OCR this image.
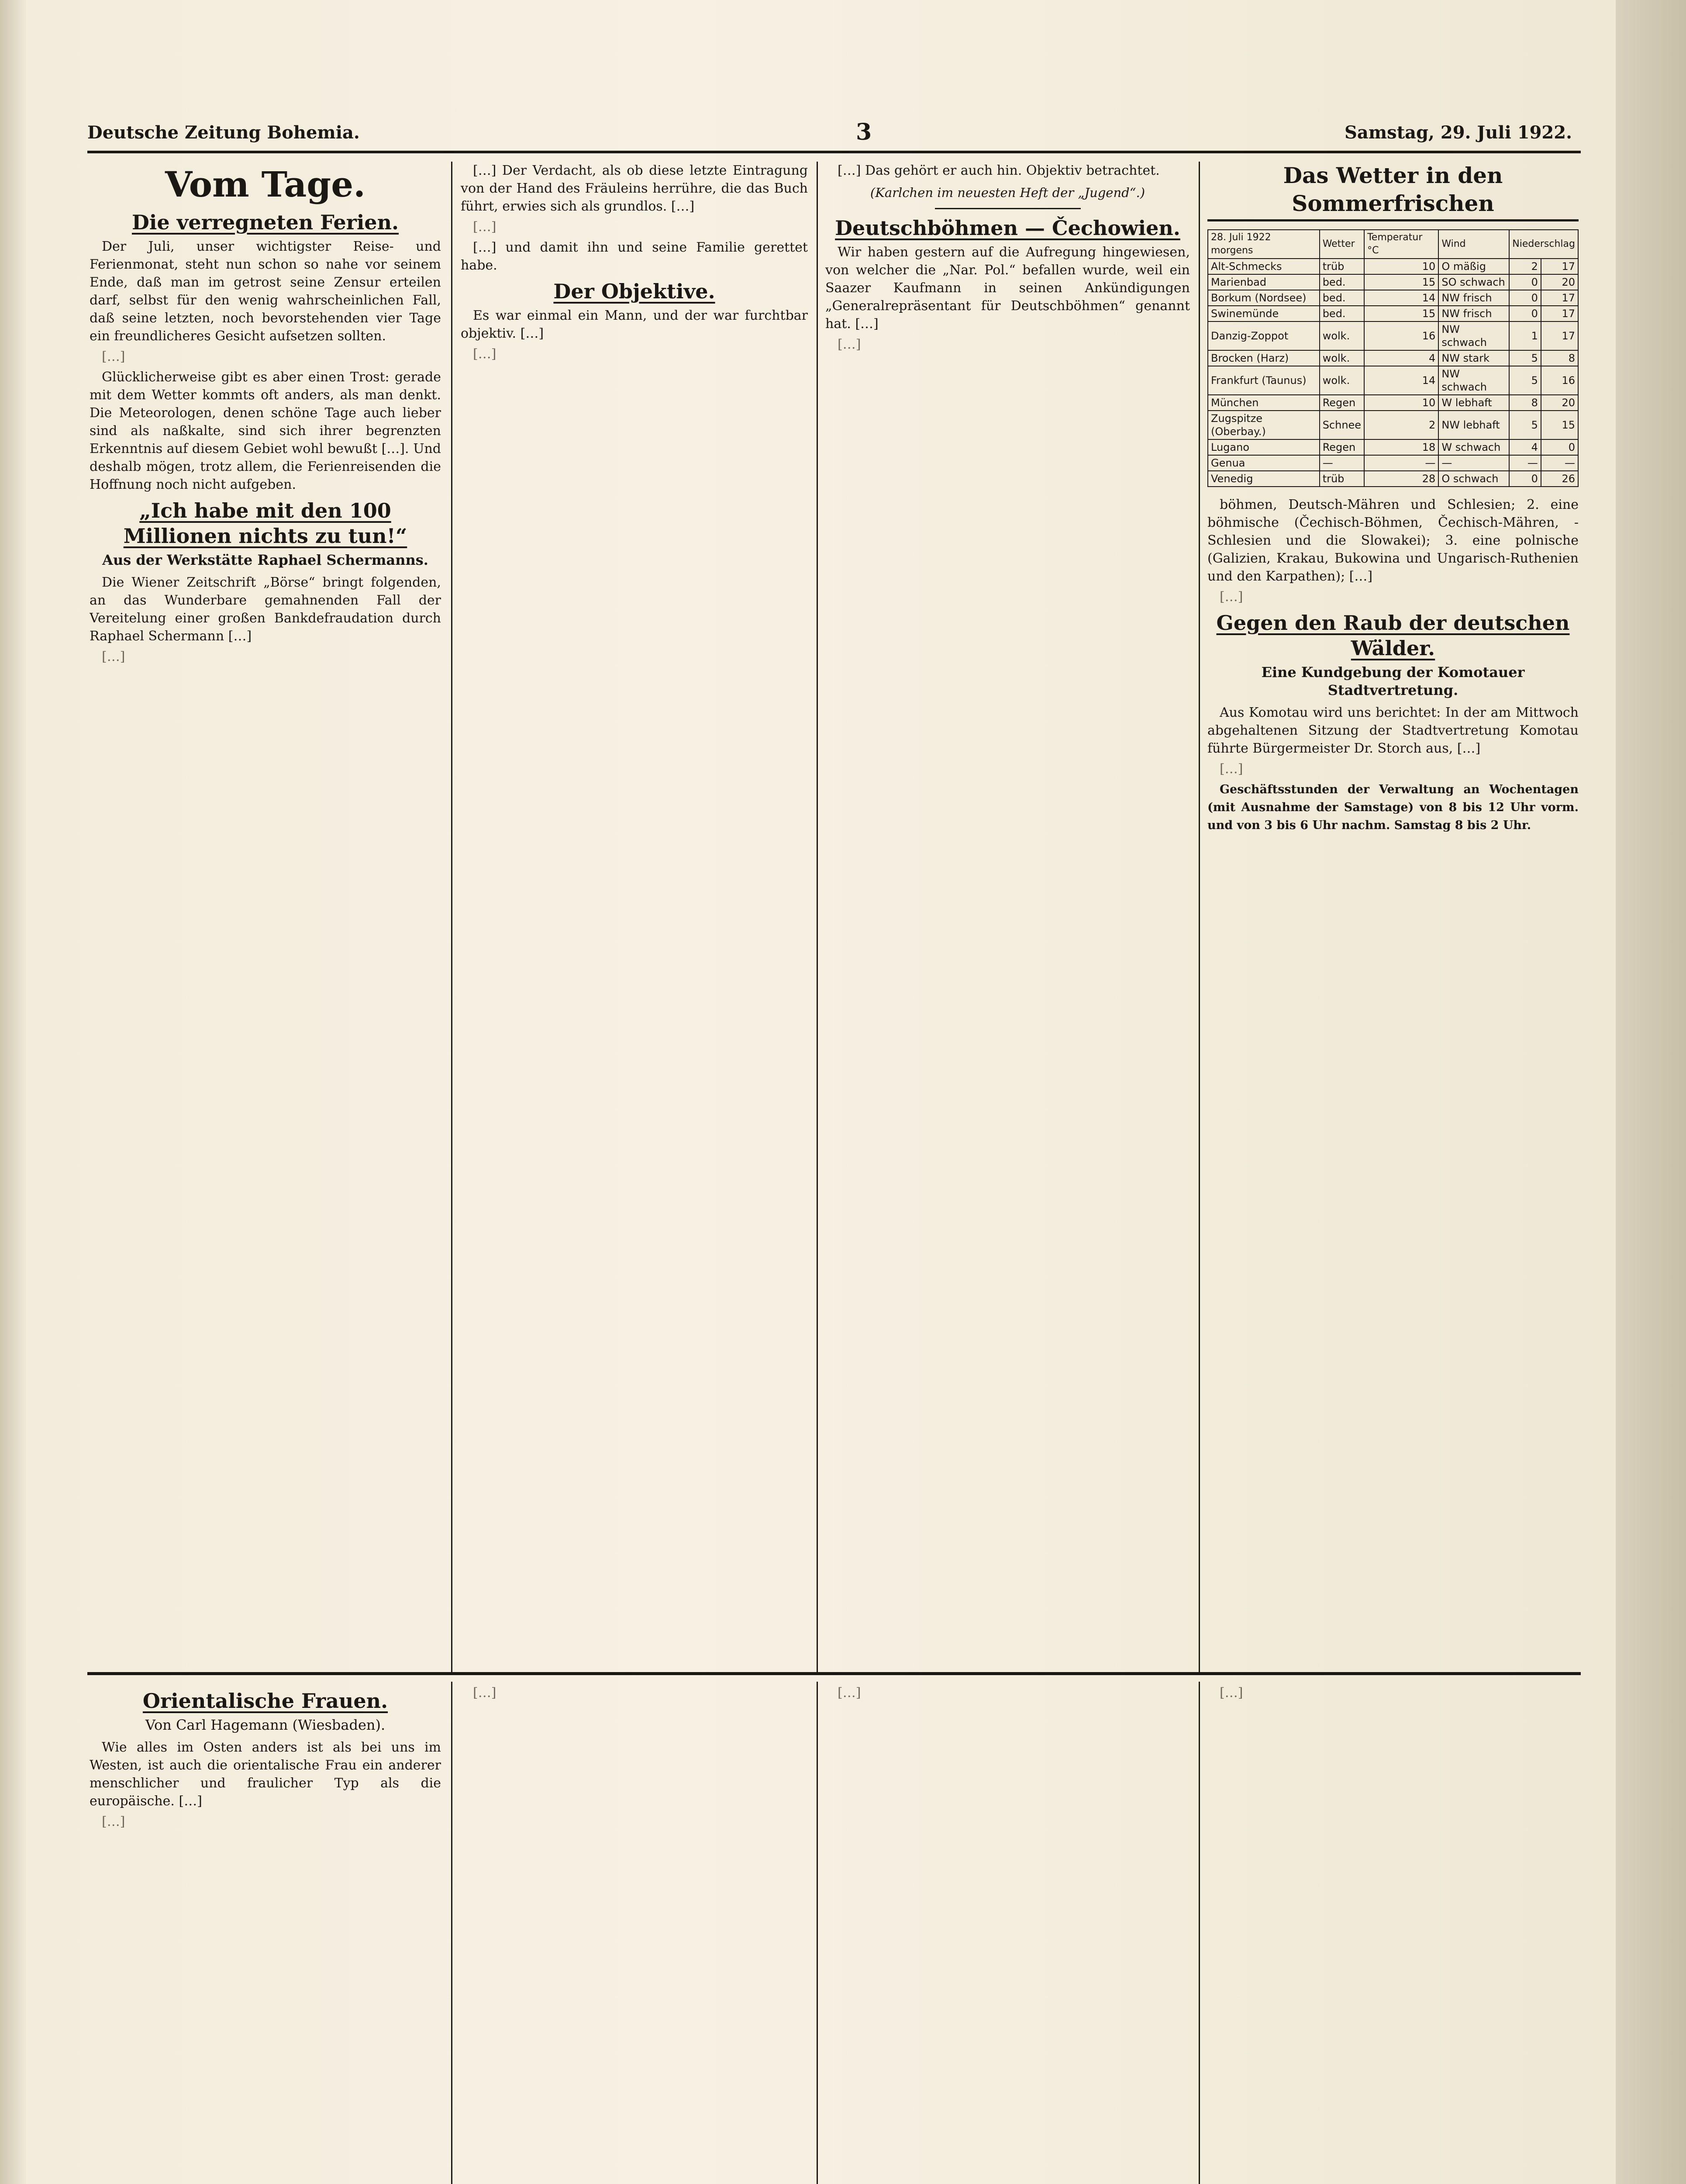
Deutsche Zeitung Bohemia.	3	Samstag, 29. Juli 1922.
Vom Tage.
Die verregneten Ferien.

Der Juli, unser wichtigster Reise- und Ferienmonat, steht nun schon so nahe vor seinem Ende, daß man im getrost seine Zensur erteilen darf, selbst für den wenig wahrscheinlichen Fall, daß seine letzten, noch bevorstehenden vier Tage ein freundlicheres Gesicht aufsetzen sollten.

[…]

Glücklicherweise gibt es aber einen Trost: gerade mit dem Wetter kommts oft anders, als man denkt. Die Meteorologen, denen schöne Tage auch lieber sind als naßkalte, sind sich ihrer begrenzten Erkenntnis auf diesem Gebiet wohl bewußt […]. Und deshalb mögen, trotz allem, die Ferienreisenden die Hoffnung noch nicht aufgeben.

„Ich habe mit den 100 Millionen nichts zu tun!“
Aus der Werkstätte Raphael Schermanns.

Die Wiener Zeitschrift „Börse“ bringt folgenden, an das Wunderbare gemahnenden Fall der Vereitelung einer großen Bankdefraudation durch Raphael Schermann […]

[…]

[…] Der Verdacht, als ob diese letzte Eintragung von der Hand des Fräuleins herrühre, die das Buch führt, erwies sich als grundlos. […]

[…]

[…] und damit ihn und seine Familie gerettet habe.

Der Objektive.

Es war einmal ein Mann, und der war furchtbar objektiv. […]

[…]

[…] Das gehört er auch hin. Objektiv betrachtet.

(Karlchen im neuesten Heft der „Jugend“.)
Deutschböhmen — Čechowien.

Wir haben gestern auf die Aufregung hingewiesen, von welcher die „Nar. Pol.“ befallen wurde, weil ein Saazer Kaufmann in seinen Ankündigungen „Generalrepräsentant für Deutschböhmen“ genannt hat. […]

[…]

Das Wetter in den Sommerfrischen
28. Juli 1922
morgens	Wetter	Temperatur °C	Wind	Niederschlag	
Alt-Schmecks	trüb	10	O mäßig	2	17
Marienbad	bed.	15	SO schwach	0	20
Borkum (Nordsee)	bed.	14	NW frisch	0	17
Swinemünde	bed.	15	NW frisch	0	17
Danzig-Zoppot	wolk.	16	NW schwach	1	17
Brocken (Harz)	wolk.	4	NW stark	5	8
Frankfurt (Taunus)	wolk.	14	NW schwach	5	16
München	Regen	10	W lebhaft	8	20
Zugspitze (Oberbay.)	Schnee	2	NW lebhaft	5	15
Lugano	Regen	18	W schwach	4	0
Genua	—	—	—	—	—
Venedig	trüb	28	O schwach	0	26

böhmen, Deutsch-Mähren und Schlesien; 2. eine böhmische (Čechisch-Böhmen, Čechisch-Mähren, -Schlesien und die Slowakei); 3. eine polnische (Galizien, Krakau, Bukowina und Ungarisch-Ruthenien und den Karpathen); […]

[…]

Gegen den Raub der deutschen Wälder.
Eine Kundgebung der Komotauer Stadtvertretung.

Aus Komotau wird uns berichtet: In der am Mittwoch abgehaltenen Sitzung der Stadtvertretung Komotau führte Bürgermeister Dr. Storch aus, […]

[…]

Geschäftsstunden der Verwaltung an Wochentagen (mit Ausnahme der Samstage) von 8 bis 12 Uhr vorm. und von 3 bis 6 Uhr nachm. Samstag 8 bis 2 Uhr.

Orientalische Frauen.
Von Carl Hagemann (Wiesbaden).

Wie alles im Osten anders ist als bei uns im Westen, ist auch die orientalische Frau ein anderer menschlicher und fraulicher Typ als die europäische. […]

[…]

[…]	[…]	[…]
